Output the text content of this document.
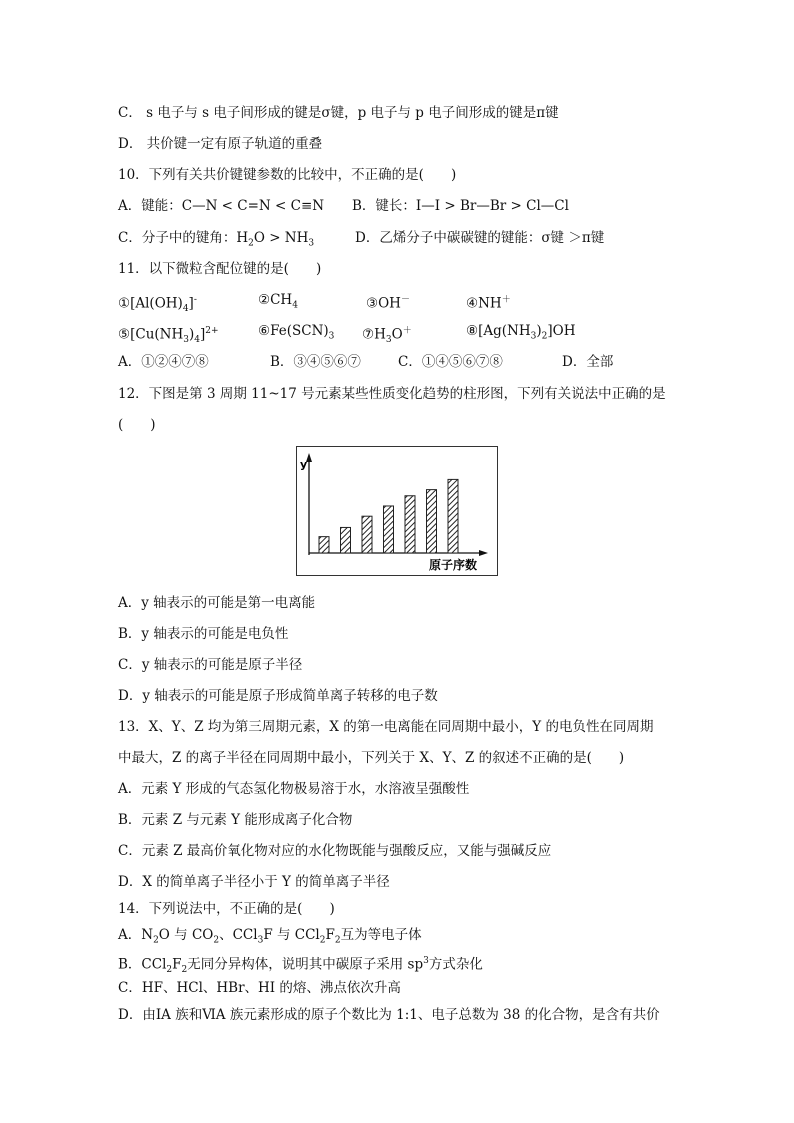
C． s 电子与 s 电子间形成的键是σ键，p 电子与 p 电子间形成的键是π键
D． 共价键一定有原子轨道的重叠
10．下列有关共价键键参数的比较中，不正确的是(　　)
A．键能：C—N < C=N < C≡N B．键长：I—I > Br—Br > Cl—Cl
C．分子中的键角：$H_2O > NH_3$	D．乙烯分子中碳碳键的键能：σ键 ＞π键
11．以下微粒含配位键的是(　　)
$①[Al(OH)_4]^-$	$②CH_4$	③OH－	④NH＋
$⑤[Cu(NH_3)_4]^{2+}$	$⑥Fe(SCN)_3$ $⑦H_3O^+$	$⑧[Ag(NH_3)_2]OH$
A．①②④⑦⑧	B．③④⑤⑥⑦	C．①④⑤⑥⑦⑧	D．全部
12．下图是第 3 周期 11~17 号元素某些性质变化趋势的柱形图，下列有关说法中正确的是
(　　)
y
原子序数
A．y 轴表示的可能是第一电离能
B．y 轴表示的可能是电负性
C．y 轴表示的可能是原子半径
D．y 轴表示的可能是原子形成简单离子转移的电子数
13．X、Y、Z 均为第三周期元素，X 的第一电离能在同周期中最小，Y 的电负性在同周期
中最大，Z 的离子半径在同周期中最小，下列关于 X、Y、Z 的叙述不正确的是(　　)
A．元素 Y 形成的气态氢化物极易溶于水，水溶液呈强酸性
B．元素 Z 与元素 Y 能形成离子化合物
C．元素 Z 最高价氧化物对应的水化物既能与强酸反应，又能与强碱反应
D．X 的简单离子半径小于 Y 的简单离子半径
14．下列说法中，不正确的是(　　)
A．$N_2O$ 与 $CO_2$、CCl$_3$F 与 $CCl_2F_2$互为等电子体
B．$CCl_2F_2$无同分异构体，说明其中碳原子采用 $sp^3$方式杂化
C．HF、HCl、HBr、HI 的熔、沸点依次升高
D．由ⅠA 族和ⅥA 族元素形成的原子个数比为 1:1、电子总数为 38 的化合物，是含有共价
